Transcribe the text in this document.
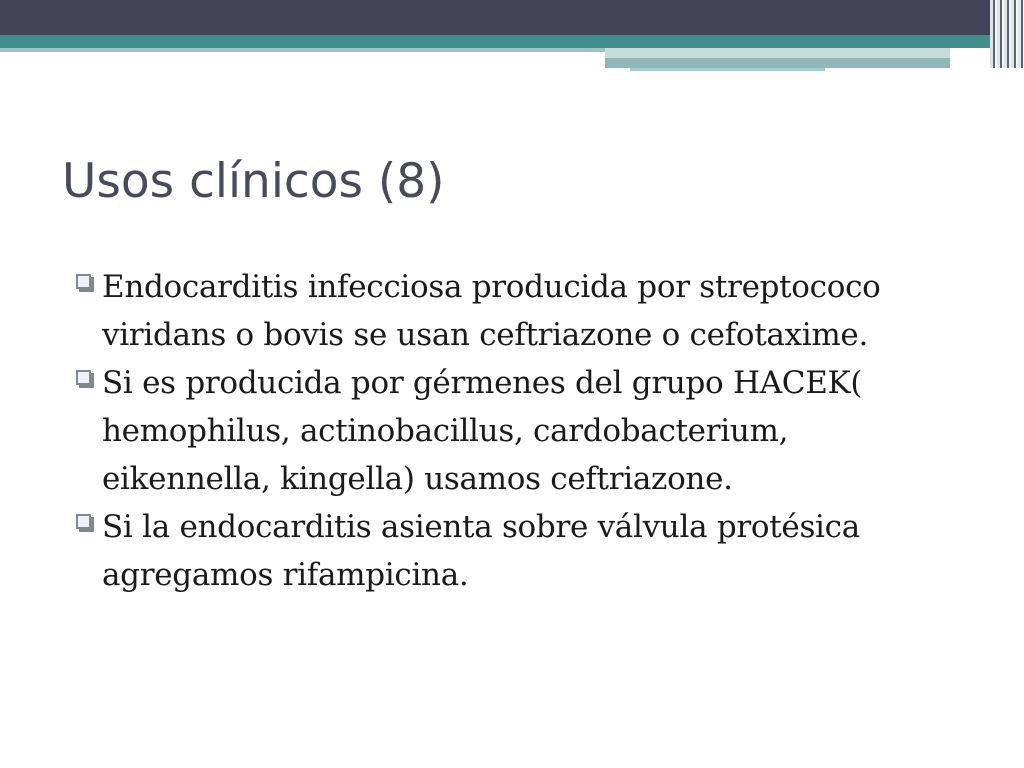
Usos clínicos (8)
Endocarditis infecciosa producida por streptococo viridans o bovis se usan ceftriazone o cefotaxime.
Si es producida por gérmenes del grupo HACEK( hemophilus, actinobacillus, cardobacterium, eikennella, kingella) usamos ceftriazone.
Si la endocarditis asienta sobre válvula protésica agregamos rifampicina.
